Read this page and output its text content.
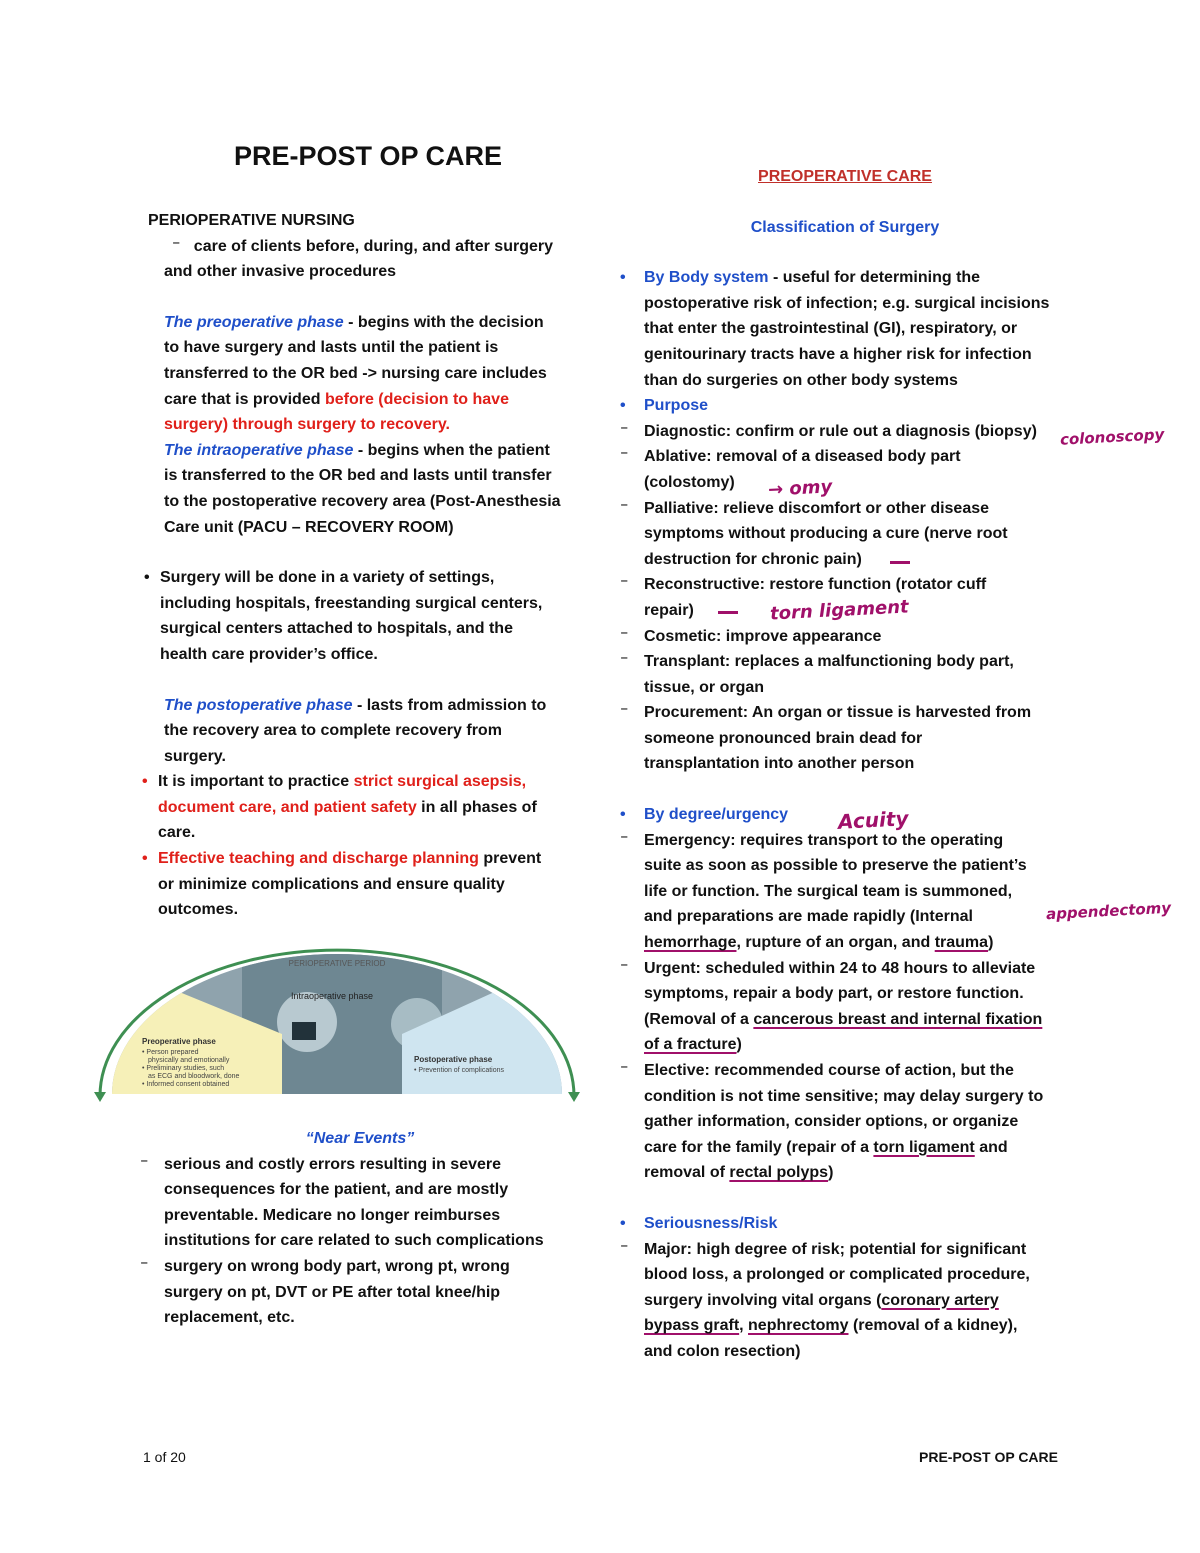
PRE-POST OP CARE

PERIOPERATIVE NURSING

⁻ care of clients before, during, and after surgery

and other invasive procedures

The preoperative phase - begins with the decision

to have surgery and lasts until the patient is

transferred to the OR bed -> nursing care includes

care that is provided before (decision to have

surgery) through surgery to recovery.

The intraoperative phase - begins when the patient

is transferred to the OR bed and lasts until transfer

to the postoperative recovery area (Post-Anesthesia

Care unit (PACU – RECOVERY ROOM)

• Surgery will be done in a variety of settings,

including hospitals, freestanding surgical centers,

surgical centers attached to hospitals, and the

health care provider’s office.

The postoperative phase - lasts from admission to

the recovery area to complete recovery from

surgery.

• It is important to practice strict surgical asepsis,

document care, and patient safety in all phases of

care.

• Effective teaching and discharge planning prevent

or minimize complications and ensure quality

outcomes.

PERIOPERATIVE PERIOD
Intraoperative phase
Preoperative phase
• Person prepared
physically and emotionally
• Preliminary studies, such
as ECG and bloodwork, done
• Informed consent obtained
Postoperative phase
• Prevention of complications

“Near Events”

⁻ serious and costly errors resulting in severe

consequences for the patient, and are mostly

preventable. Medicare no longer reimburses

institutions for care related to such complications

⁻ surgery on wrong body part, wrong pt, wrong

surgery on pt, DVT or PE after total knee/hip

replacement, etc.

PREOPERATIVE CARE

Classification of Surgery

•	By Body system - useful for determining the

postoperative risk of infection; e.g. surgical incisions

that enter the gastrointestinal (GI), respiratory, or

genitourinary tracts have a higher risk for infection

than do surgeries on other body systems

•	Purpose

⁻ Diagnostic: confirm or rule out a diagnosis (biopsy)

⁻ Ablative: removal of a diseased body part

(colostomy)

⁻ Palliative: relieve discomfort or other disease

symptoms without producing a cure (nerve root

destruction for chronic pain)

⁻ Reconstructive: restore function (rotator cuff

repair)

⁻ Cosmetic: improve appearance

⁻ Transplant: replaces a malfunctioning body part,

tissue, or organ

⁻ Procurement: An organ or tissue is harvested from

someone pronounced brain dead for

transplantation into another person

•	By degree/urgency

⁻ Emergency: requires transport to the operating

suite as soon as possible to preserve the patient’s

life or function. The surgical team is summoned,

and preparations are made rapidly (Internal

hemorrhage, rupture of an organ, and trauma)

⁻ Urgent: scheduled within 24 to 48 hours to alleviate

symptoms, repair a body part, or restore function.

(Removal of a cancerous breast and internal fixation

of a fracture)

⁻ Elective: recommended course of action, but the

condition is not time sensitive; may delay surgery to

gather information, consider options, or organize

care for the family (repair of a torn ligament and

removal of rectal polyps)

•	Seriousness/Risk

⁻ Major: high degree of risk; potential for significant

blood loss, a prolonged or complicated procedure,

surgery involving vital organs (coronary artery

bypass graft, nephrectomy (removal of a kidney),

and colon resection)

colonoscopy
→ omy
torn ligament
Acuity
appendectomy
1 of 20	PRE-POST OP CARE
